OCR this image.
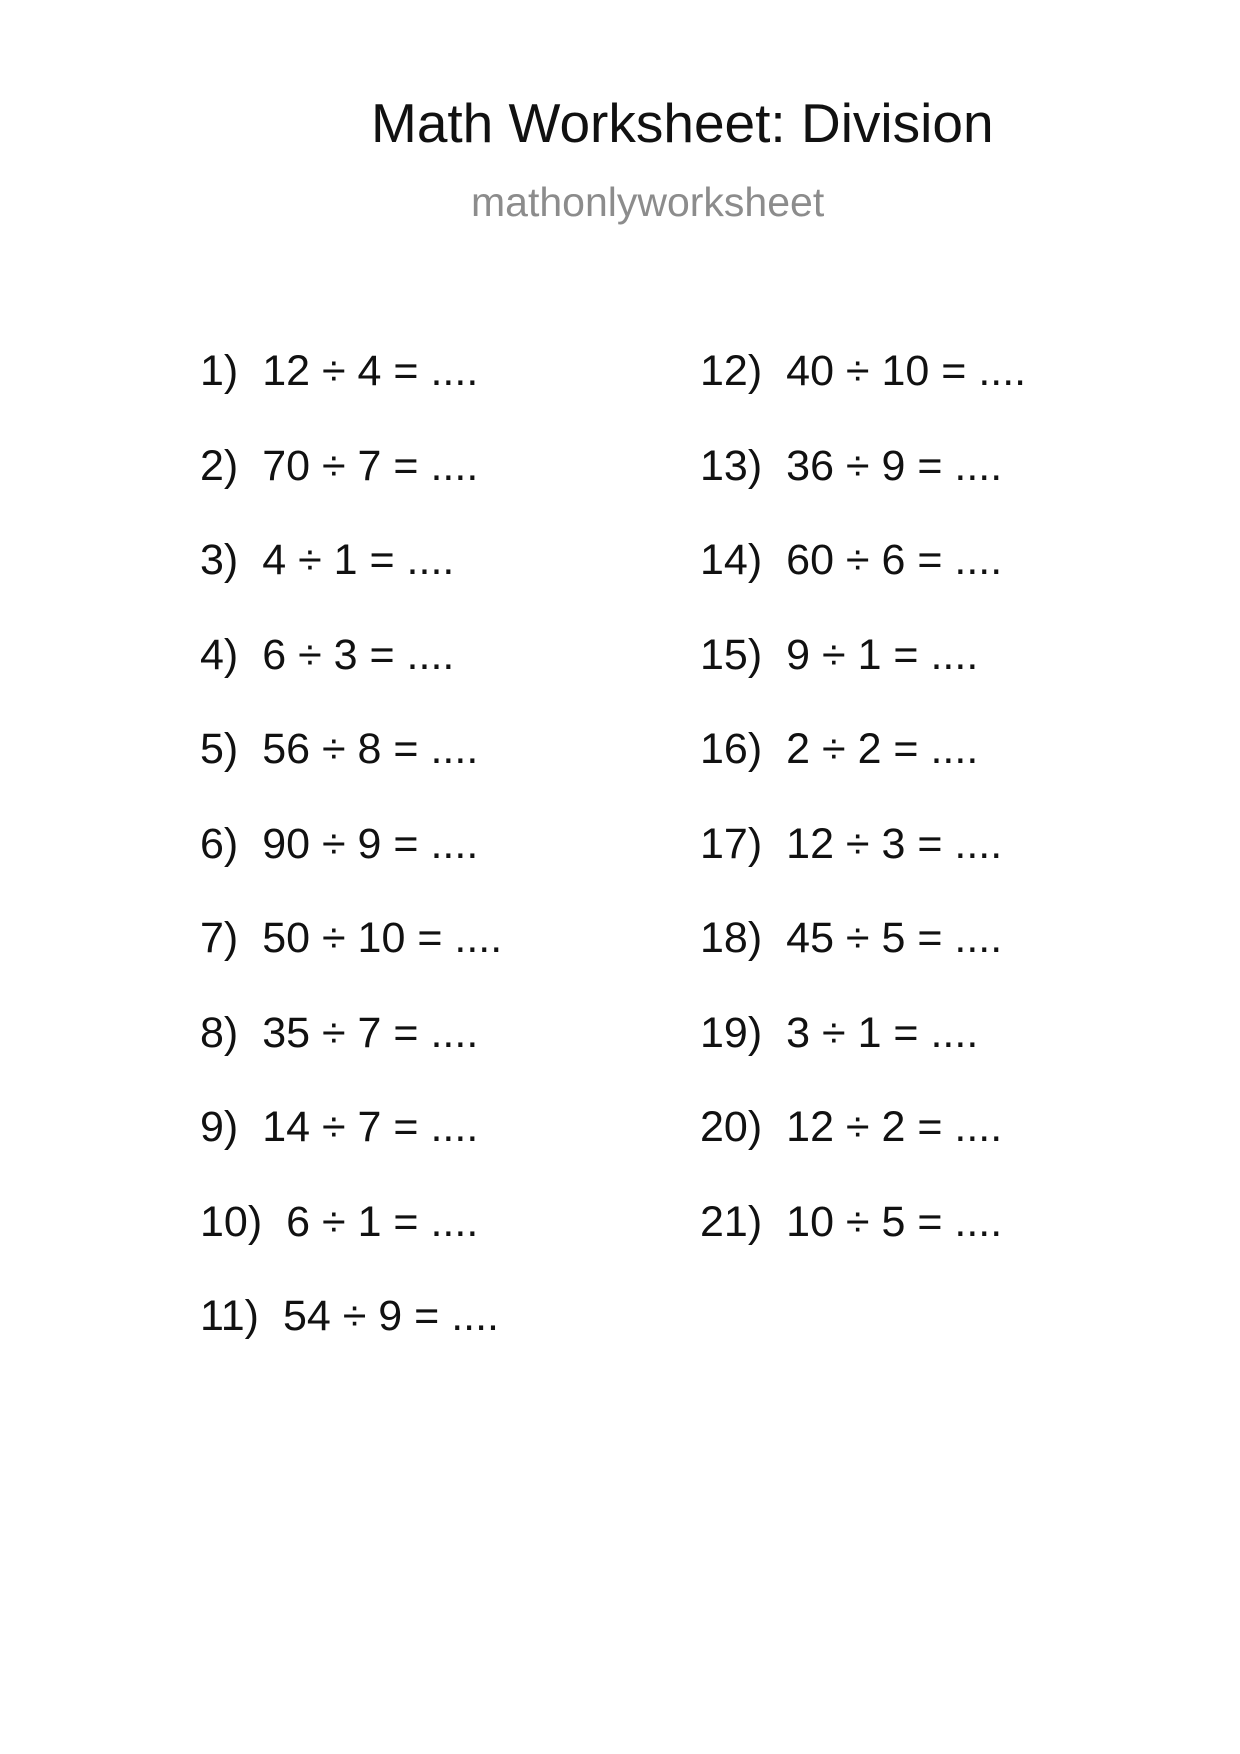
Math Worksheet: Division
mathonlyworksheet
1) 12 ÷ 4 = ....
2) 70 ÷ 7 = ....
3) 4 ÷ 1 = ....
4) 6 ÷ 3 = ....
5) 56 ÷ 8 = ....
6) 90 ÷ 9 = ....
7) 50 ÷ 10 = ....
8) 35 ÷ 7 = ....
9) 14 ÷ 7 = ....
10) 6 ÷ 1 = ....
11) 54 ÷ 9 = ....
12) 40 ÷ 10 = ....
13) 36 ÷ 9 = ....
14) 60 ÷ 6 = ....
15) 9 ÷ 1 = ....
16) 2 ÷ 2 = ....
17) 12 ÷ 3 = ....
18) 45 ÷ 5 = ....
19) 3 ÷ 1 = ....
20) 12 ÷ 2 = ....
21) 10 ÷ 5 = ....
